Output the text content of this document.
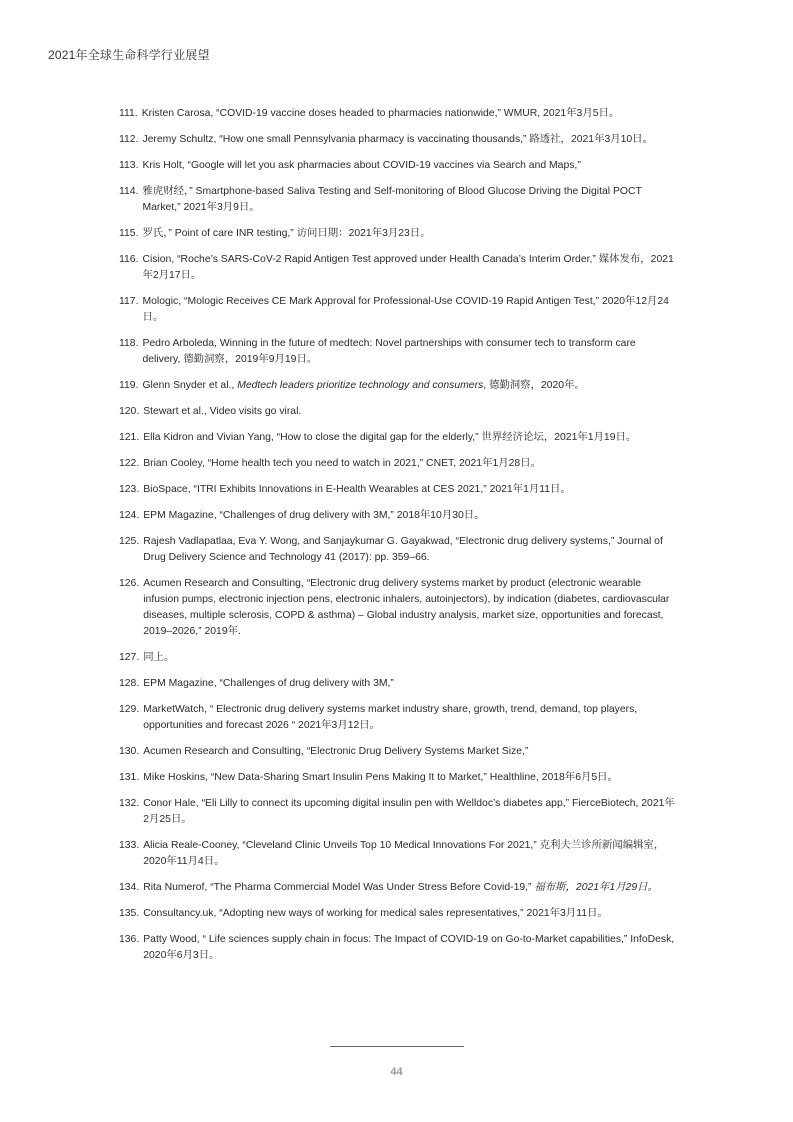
2021年全球生命科学行业展望
111. Kristen Carosa, “COVID-19 vaccine doses headed to pharmacies nationwide,” WMUR, 2021年3月5日。
112. Jeremy Schultz, “How one small Pennsylvania pharmacy is vaccinating thousands,” 路透社，2021年3月10日。
113. Kris Holt, “Google will let you ask pharmacies about COVID-19 vaccines via Search and Maps,”
114. 雅虎财经，” Smartphone-based Saliva Testing and Self-monitoring of Blood Glucose Driving the Digital POCT Market,” 2021年3月9日。
115. 罗氏，” Point of care INR testing,” 访问日期：2021年3月23日。
116. Cision, “Roche’s SARS-CoV-2 Rapid Antigen Test approved under Health Canada’s Interim Order,” 媒体发布，2021年2月17日。
117. Mologic, “Mologic Receives CE Mark Approval for Professional-Use COVID-19 Rapid Antigen Test,” 2020年12月24日。
118. Pedro Arboleda, Winning in the future of medtech: Novel partnerships with consumer tech to transform care delivery, 德勤洞察，2019年9月19日。
119. Glenn Snyder et al., Medtech leaders prioritize technology and consumers, 德勤洞察，2020年。
120. Stewart et al., Video visits go viral.
121. Ella Kidron and Vivian Yang, “How to close the digital gap for the elderly,” 世界经济论坛，2021年1月19日。
122. Brian Cooley, “Home health tech you need to watch in 2021,” CNET, 2021年1月28日。
123. BioSpace, “ITRI Exhibits Innovations in E-Health Wearables at CES 2021,” 2021年1月11日。
124. EPM Magazine, “Challenges of drug delivery with 3M,” 2018年10月30日。
125. Rajesh Vadlapatlaa, Eva Y. Wong, and Sanjaykumar G. Gayakwad, “Electronic drug delivery systems,” Journal of Drug Delivery Science and Technology 41 (2017): pp. 359–66.
126. Acumen Research and Consulting, “Electronic drug delivery systems market by product (electronic wearable infusion pumps, electronic injection pens, electronic inhalers, autoinjectors), by indication (diabetes, cardiovascular diseases, multiple sclerosis, COPD & asthma) – Global industry analysis, market size, opportunities and forecast, 2019–2026,” 2019年.
127. 同上。
128. EPM Magazine, “Challenges of drug delivery with 3M,”
129. MarketWatch, “ Electronic drug delivery systems market industry share, growth, trend, demand, top players, opportunities and forecast 2026 “ 2021年3月12日。
130. Acumen Research and Consulting, “Electronic Drug Delivery Systems Market Size,”
131. Mike Hoskins, “New Data-Sharing Smart Insulin Pens Making It to Market,” Healthline, 2018年6月5日。
132. Conor Hale, “Eli Lilly to connect its upcoming digital insulin pen with Welldoc’s diabetes app,” FierceBiotech, 2021年2月25日。
133. Alicia Reale-Cooney, “Cleveland Clinic Unveils Top 10 Medical Innovations For 2021,” 克利夫兰诊所新闻编辑室，2020年11月4日。
134. Rita Numerof, “The Pharma Commercial Model Was Under Stress Before Covid-19,” 福布斯，2021年1月29日。
135. Consultancy.uk, “Adopting new ways of working for medical sales representatives,” 2021年3月11日。
136. Patty Wood, “ Life sciences supply chain in focus: The Impact of COVID-19 on Go-to-Market capabilities,” InfoDesk, 2020年6月3日。
44
